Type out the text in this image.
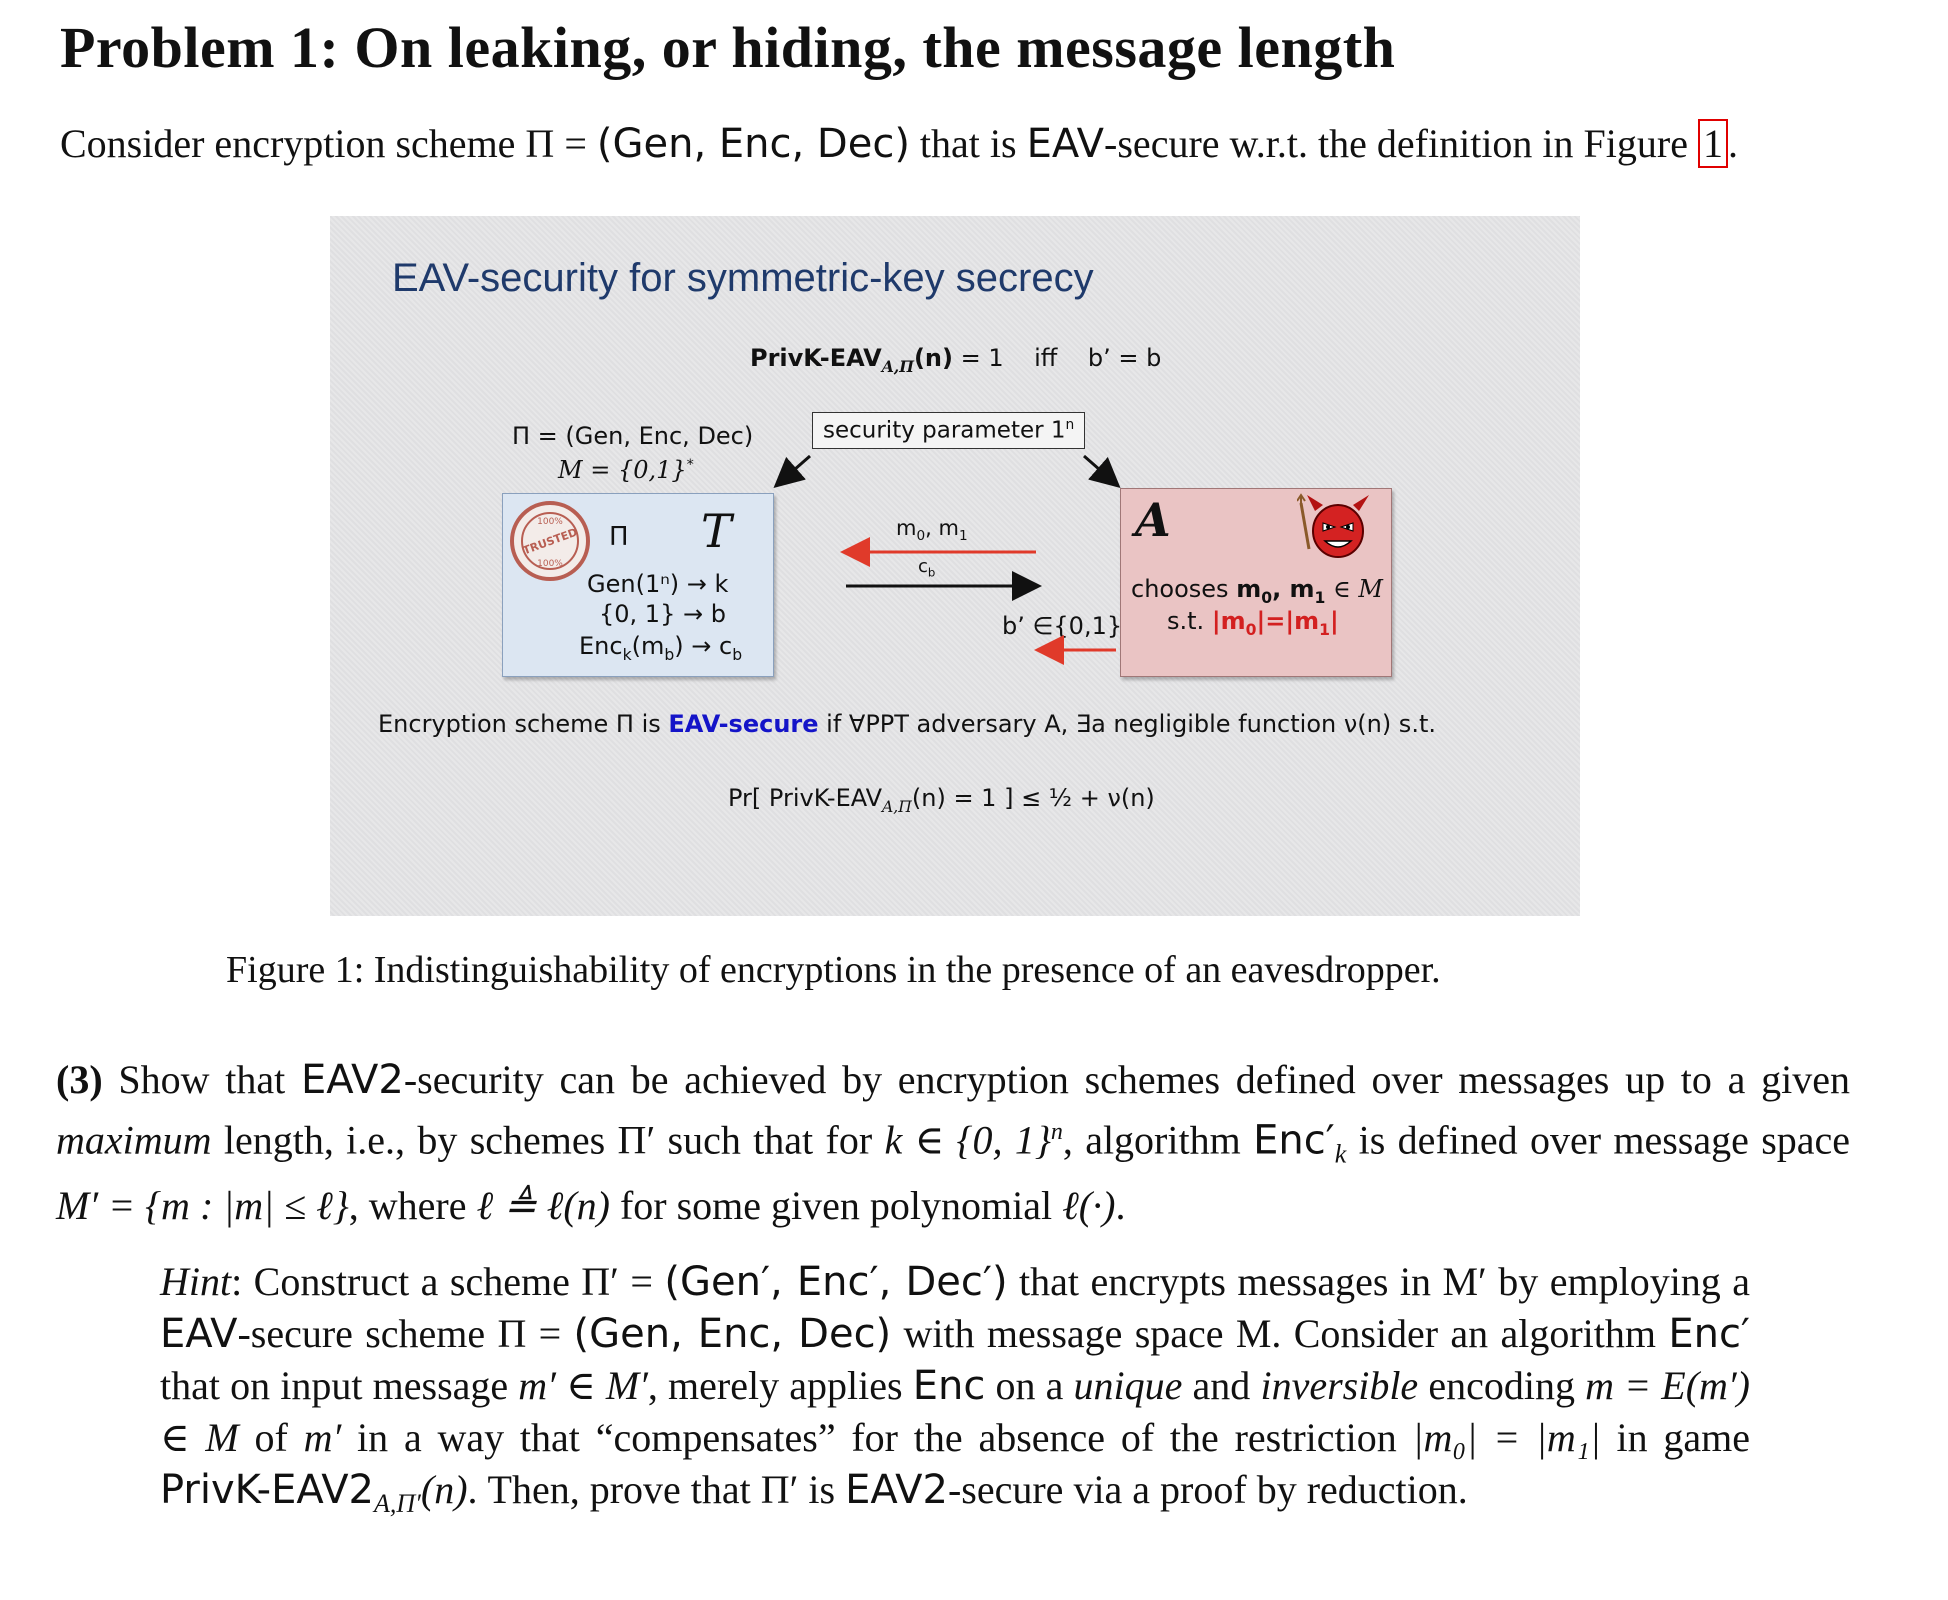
Problem 1: On leaking, or hiding, the message length

Consider encryption scheme Π = (Gen, Enc, Dec) that is EAV-secure w.r.t. the definition in Figure 1 .

EAV-security for symmetric-key secrecy
PrivK-$EAV_{A,\Pi}(n) = 1$    iff    b’ = b
Π = (Gen, Enc, Dec)
M = {0,1}*
security parameter 1$^n$
100%
TRUSTED
100%
Π T
Gen(1ⁿ) → k
{0, 1} → b
$Enc_k(m_b) \to c_b$
A
chooses $m_0$, $m_1$ ∈ M
s.t. $|m_0|=|m_1|$
$m_0$, $m_1$
$c_b$
b’ ∈{0,1}
Encryption scheme Π is EAV-secure if ∀PPT adversary A, ∃a negligible function ν(n) s.t.
Pr[ PrivK-$EAV_{A,\Pi}(n) = 1$ ] ≤ ½ + ν(n)

Figure 1: Indistinguishability of encryptions in the presence of an eavesdropper.

(3) Show that EAV2-security can be achieved by encryption schemes defined over messages up to a given maximum length, i.e., by schemes Π′ such that for k ∈ {0, 1}$^n$, algorithm $Enc'_k$ is defined over message space M′ = {m : |m| ≤ ℓ}, where ℓ ≜ ℓ(n) for some given polynomial ℓ(·).

Hint: Construct a scheme Π′ = (Gen′, Enc′, Dec′) that encrypts messages in M′ by employing a EAV-secure scheme Π = (Gen, Enc, Dec) with message space M. Consider an algorithm Enc′ that on input message m′ ∈ M′, merely applies Enc on a unique and inversible encoding m = E(m′) ∈ M of m′ in a way that “compensates” for the absence of the restriction |m₀| = |m₁| in game PrivK-$EAV2_{A,\Pi'}(n)$. Then, prove that Π′ is EAV2-secure via a proof by reduction.
